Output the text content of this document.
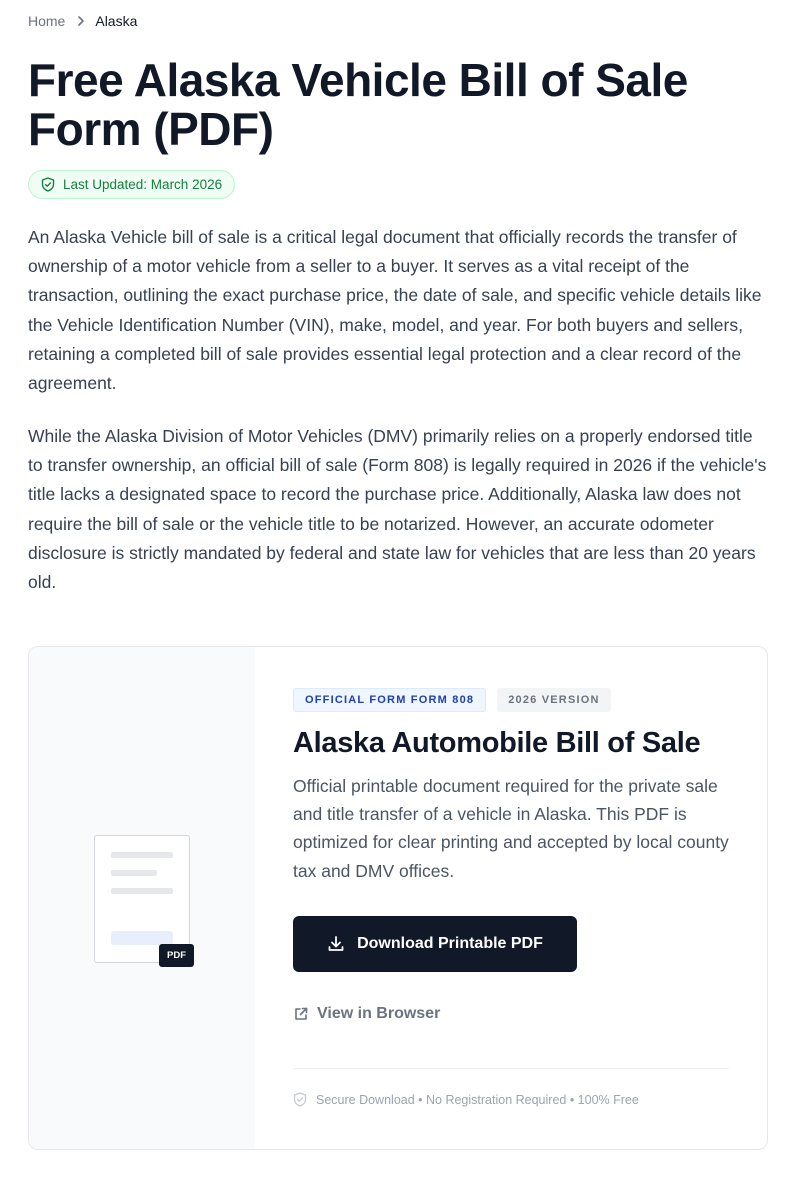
Home Alaska
Free Alaska Vehicle Bill of Sale Form (PDF)
Last Updated: March 2026

An Alaska Vehicle bill of sale is a critical legal document that officially records the transfer of ownership of a motor vehicle from a seller to a buyer. It serves as a vital receipt of the transaction, outlining the exact purchase price, the date of sale, and specific vehicle details like the Vehicle Identification Number (VIN), make, model, and year. For both buyers and sellers, retaining a completed bill of sale provides essential legal protection and a clear record of the agreement.

While the Alaska Division of Motor Vehicles (DMV) primarily relies on a properly endorsed title to transfer ownership, an official bill of sale (Form 808) is legally required in 2026 if the vehicle's title lacks a designated space to record the purchase price. Additionally, Alaska law does not require the bill of sale or the vehicle title to be notarized. However, an accurate odometer disclosure is strictly mandated by federal and state law for vehicles that are less than 20 years old.

PDF
OFFICIAL FORM FORM 808	2026 VERSION
Alaska Automobile Bill of Sale

Official printable document required for the private sale and title transfer of a vehicle in Alaska. This PDF is optimized for clear printing and accepted by local county tax and DMV offices.

Download Printable PDF
View in Browser
Secure Download • No Registration Required • 100% Free
